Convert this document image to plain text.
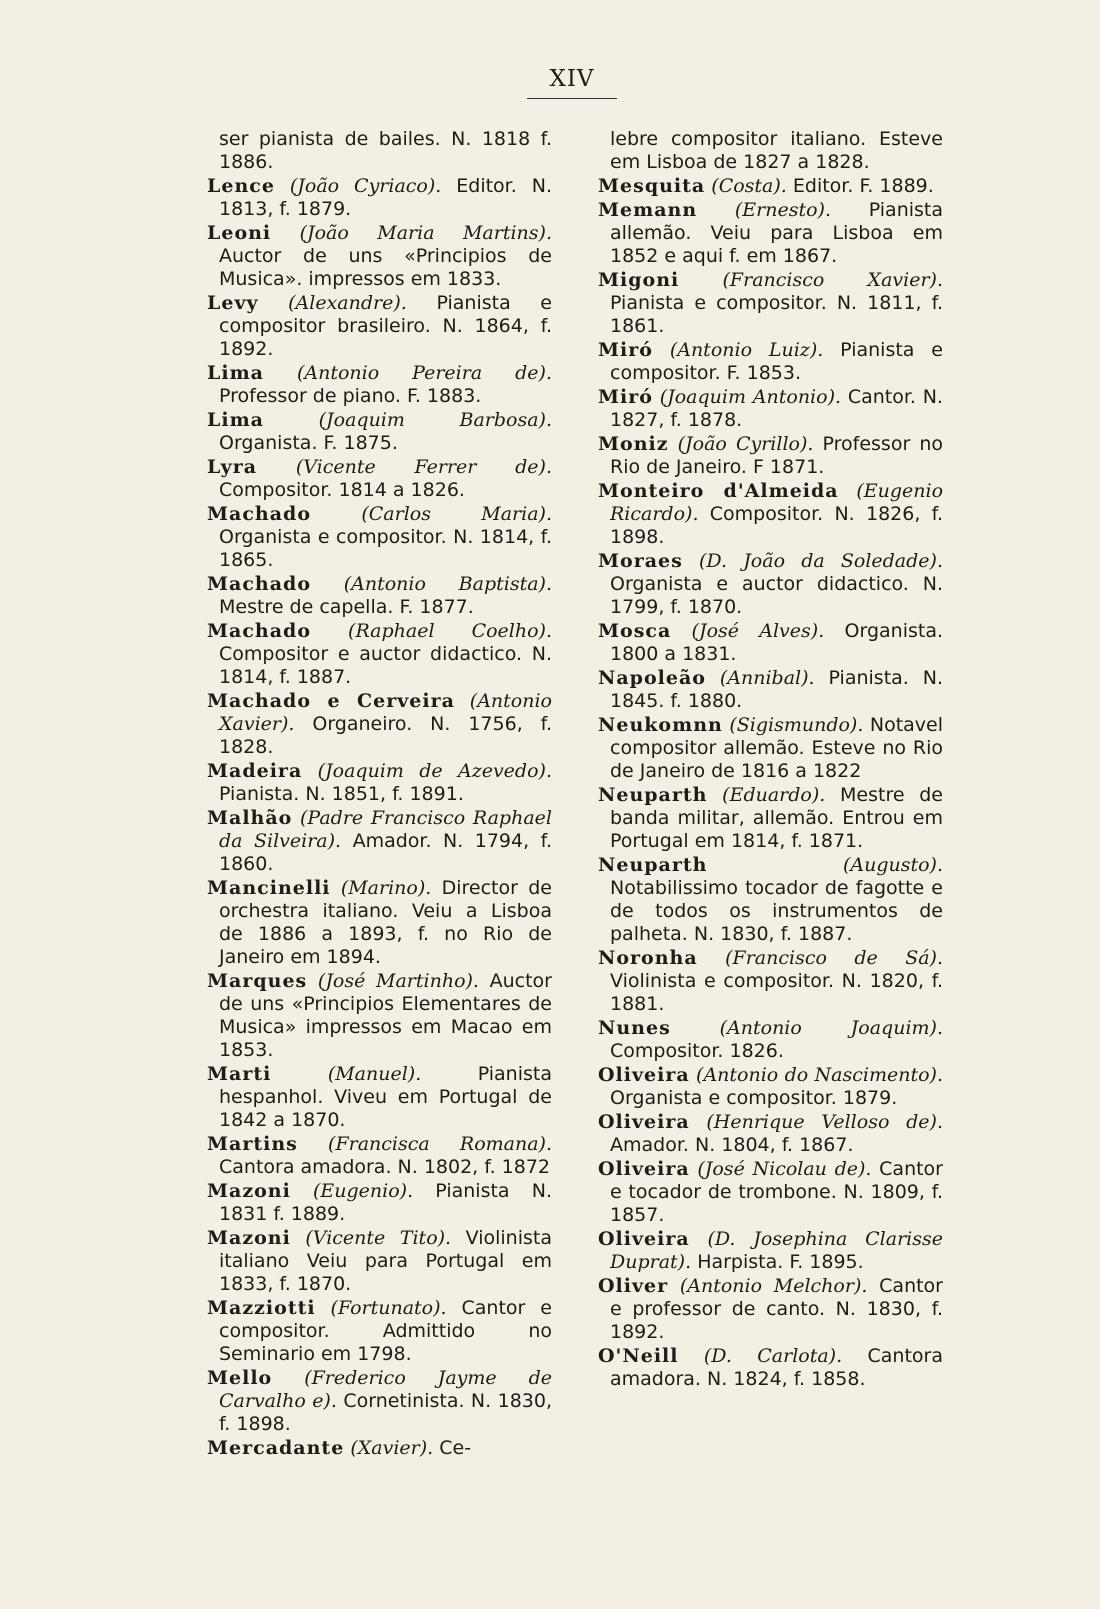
XIV

ser pianista de bailes. N. 1818 f. 1886.

Lence (João Cyriaco). Editor. N. 1813, f. 1879.

Leoni (João Maria Martins). Auctor de uns «Principios de Musica». impressos em 1833.

Levy (Alexandre). Pianista e compositor brasileiro. N. 1864, f. 1892.

Lima (Antonio Pereira de). Professor de piano. F. 1883.

Lima	(Joaquim Barbosa). Organista. F. 1875.

Lyra (Vicente Ferrer de). Compositor. 1814 a 1826.

Machado	(Carlos Maria). Organista e compositor. N. 1814, f. 1865.

Machado (Antonio Baptista). Mestre de capella. F. 1877.

Machado (Raphael Coelho). Compositor e auctor didactico. N. 1814, f. 1887.

Machado e Cerveira (Antonio Xavier). Organeiro. N. 1756, f. 1828.

Madeira (Joaquim de Azevedo). Pianista. N. 1851, f. 1891.

Malhão (Padre Francisco Raphael da Silveira). Amador. N. 1794, f. 1860.

Mancinelli (Marino). Director de orchestra italiano. Veiu a Lisboa de 1886 a 1893, f. no Rio de Janeiro em 1894.

Marques (José Martinho). Auctor de uns «Principios Elementares de Musica» impressos em Macao em 1853.

Marti	(Manuel).	Pianista hespanhol. Viveu em Portugal de 1842 a 1870.

Martins (Francisca Romana). Cantora amadora. N. 1802, f. 1872

Mazoni (Eugenio). Pianista N. 1831 f. 1889.

Mazoni (Vicente Tito). Violinista italiano Veiu para Portugal em 1833, f. 1870.

Mazziotti (Fortunato). Cantor e compositor. Admittido no Seminario em 1798.

Mello (Frederico Jayme de Carvalho e). Cornetinista. N. 1830, f. 1898.

Mercadante (Xavier). Ce-

lebre compositor italiano. Esteve em Lisboa de 1827 a 1828.

Mesquita (Costa). Editor. F. 1889.

Memann (Ernesto). Pianista allemão. Veiu para Lisboa em 1852 e aqui f. em 1867.

Migoni (Francisco Xavier). Pianista e compositor. N. 1811, f. 1861.

Miró (Antonio Luiz). Pianista e compositor. F. 1853.

Miró (Joaquim Antonio). Cantor. N. 1827, f. 1878.

Moniz (João Cyrillo). Professor no Rio de Janeiro. F 1871.

Monteiro d'Almeida (Eugenio Ricardo). Compositor. N. 1826, f. 1898.

Moraes (D. João da Soledade). Organista e auctor didactico. N. 1799, f. 1870.

Mosca (José Alves). Organista. 1800 a 1831.

Napoleão (Annibal). Pianista. N. 1845. f. 1880.

Neukomnn (Sigismundo). Notavel compositor allemão. Esteve no Rio de Janeiro de 1816 a 1822

Neuparth (Eduardo). Mestre de banda militar, allemão. Entrou em Portugal em 1814, f. 1871.

Neuparth	(Augusto). Notabilissimo tocador de fagotte e de todos os instrumentos de palheta. N. 1830, f. 1887.

Noronha (Francisco de Sá). Violinista e compositor. N. 1820, f. 1881.

Nunes	(Antonio Joaquim). Compositor. 1826.

Oliveira (Antonio do Nascimento). Organista e compositor. 1879.

Oliveira (Henrique Velloso de). Amador. N. 1804, f. 1867.

Oliveira (José Nicolau de). Cantor e tocador de trombone. N. 1809, f. 1857.

Oliveira (D. Josephina Clarisse Duprat). Harpista. F. 1895.

Oliver (Antonio Melchor). Cantor e professor de canto. N. 1830, f. 1892.

O'Neill (D. Carlota). Cantora amadora. N. 1824, f. 1858.
